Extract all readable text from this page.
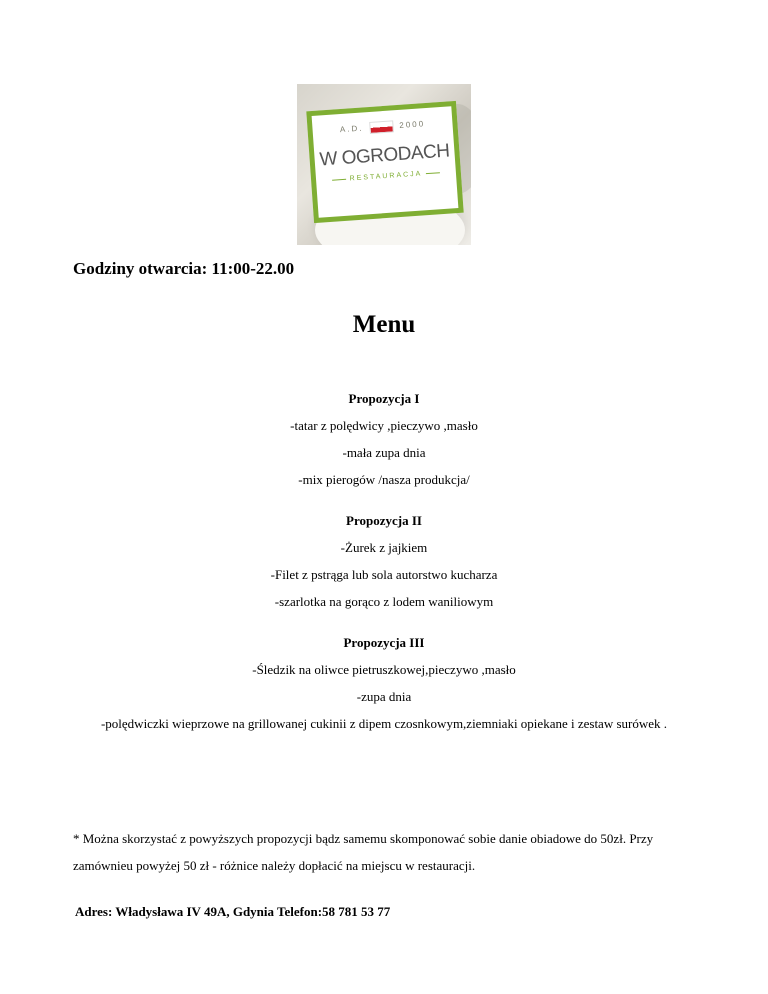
A.D.	2000
W OGRODACH
RESTAURACJA

Godziny otwarcia: 11:00-22.00

Menu
Propozycja I
-tatar z polędwicy ,pieczywo ,masło
-mała zupa dnia
-mix pierogów /nasza produkcja/
Propozycja II
-Żurek z jajkiem
-Filet z pstrąga lub sola autorstwo kucharza
-szarlotka na gorąco z lodem waniliowym
Propozycja III
-Śledzik na oliwce pietruszkowej,pieczywo ,masło
-zupa dnia
-polędwiczki wieprzowe na grillowanej cukinii z dipem czosnkowym,ziemniaki opiekane i zestaw surówek .

* Można skorzystać z powyższych propozycji bądz samemu skomponować sobie danie obiadowe do 50zł. Przy zamównieu powyżej 50 zł - różnice należy dopłacić na miejscu w restauracji.

Adres: Władysława IV 49A, Gdynia Telefon:58 781 53 77
